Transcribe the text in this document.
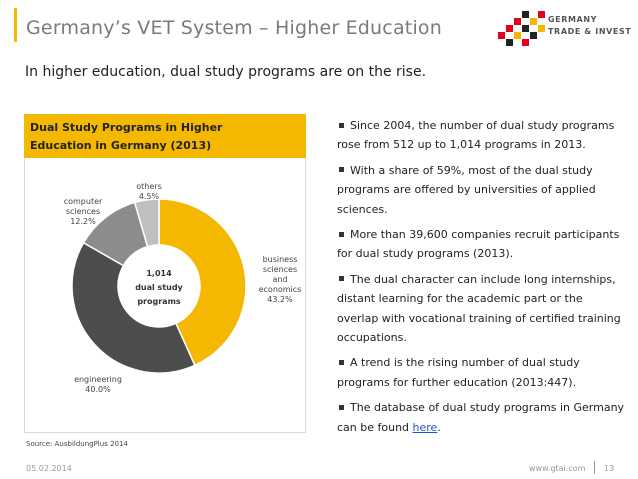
Germany’s VET System – Higher Education	GERMANY
TRADE & INVEST
In higher education, dual study programs are on the rise.
Dual Study Programs in Higher
Education in Germany (2013)
business sciences and economics 43.2%
engineering 40.0%
computer sciences 12.2%
others 4.5%
1,014 dual study programs
Source: AusbildungPlus 2014
Since 2004, the number of dual study programs rose from 512 up to 1,014 programs in 2013.
With a share of 59%, most of the dual study programs are offered by universities of applied sciences.
More than 39,600 companies recruit participants for dual study programs (2013).
The dual character can include long internships, distant learning for the academic part or the overlap with vocational training of certified training occupations.
A trend is the rising number of dual study programs for further education (2013:447).
The database of dual study programs in Germany can be found here.
05.02.2014	www.gtai.com 13
